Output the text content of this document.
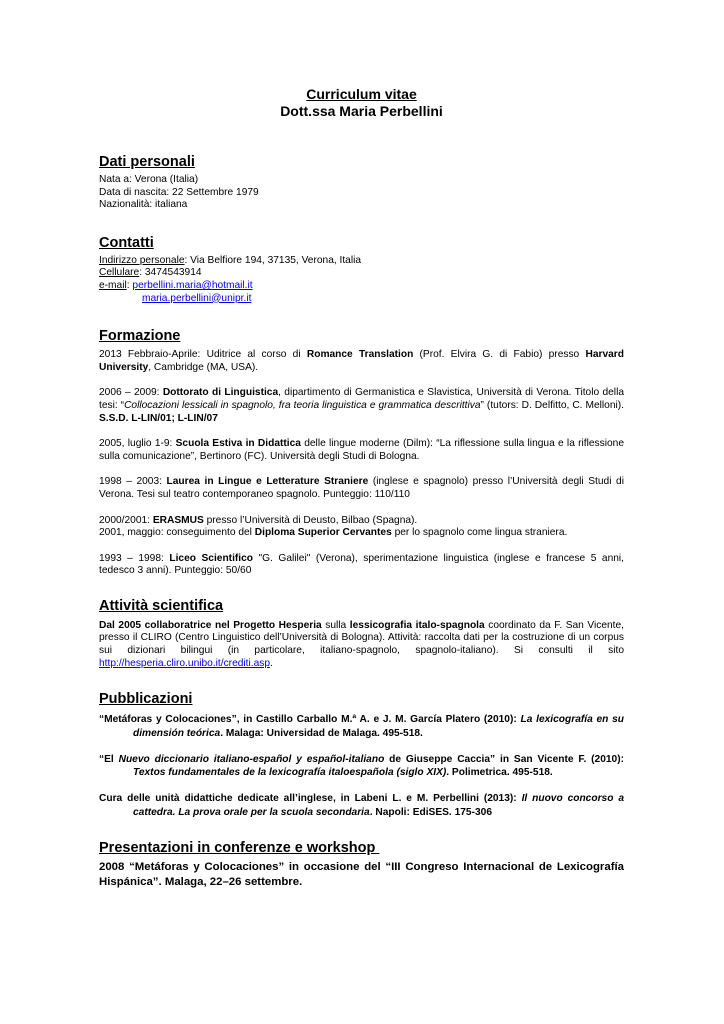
Curriculum vitae
Dott.ssa Maria Perbellini
Dati personali
Nata a: Verona (Italia)
Data di nascita: 22 Settembre 1979
Nazionalità: italiana
Contatti
Indirizzo personale: Via Belfiore 194, 37135, Verona, Italia
Cellulare: 3474543914
e-mail: perbellini.maria@hotmail.it
maria.perbellini@unipr.it
Formazione
2013 Febbraio-Aprile: Uditrice al corso di Romance Translation (Prof. Elvira G. di Fabio) presso Harvard University, Cambridge (MA, USA).
2006 – 2009: Dottorato di Linguistica, dipartimento di Germanistica e Slavistica, Università di Verona. Titolo della tesi: “Collocazioni lessicali in spagnolo, fra teoria linguistica e grammatica descrittiva” (tutors: D. Delfitto, C. Melloni). S.S.D. L-LIN/01; L-LIN/07
2005, luglio 1-9: Scuola Estiva in Didattica delle lingue moderne (Dilm): “La riflessione sulla lingua e la riflessione sulla comunicazione”, Bertinoro (FC). Università degli Studi di Bologna.
1998 – 2003: Laurea in Lingue e Letterature Straniere (inglese e spagnolo) presso l’Università degli Studi di Verona. Tesi sul teatro contemporaneo spagnolo. Punteggio: 110/110
2000/2001: ERASMUS presso l’Università di Deusto, Bilbao (Spagna).
2001, maggio: conseguimento del Diploma Superior Cervantes per lo spagnolo come lingua straniera.
1993 – 1998: Liceo Scientifico "G. Galilei" (Verona), sperimentazione linguistica (inglese e francese 5 anni, tedesco 3 anni). Punteggio: 50/60
Attività scientifica
Dal 2005 collaboratrice nel Progetto Hesperia sulla lessicografia italo-spagnola coordinato da F. San Vicente, presso il CLIRO (Centro Linguistico dell’Università di Bologna). Attività: raccolta dati per la costruzione di un corpus sui dizionari bilingui (in particolare, italiano-spagnolo, spagnolo-italiano). Si consulti il sito http://hesperia.cliro.unibo.it/crediti.asp.
Pubblicazioni
“Metáforas y Colocaciones”, in Castillo Carballo M.ª A. e J. M. García Platero (2010): La lexicografía en su dimensión teórica. Malaga: Universidad de Malaga. 495-518.
“El Nuevo diccionario italiano-español y español-italiano de Giuseppe Caccia” in San Vicente F. (2010): Textos fundamentales de la lexicografía italoespañola (siglo XIX). Polimetrica. 495-518.
Cura delle unità didattiche dedicate all’inglese, in Labeni L. e M. Perbellini (2013): Il nuovo concorso a cattedra. La prova orale per la scuola secondaria. Napoli: EdiSES. 175-306
Presentazioni in conferenze e workshop
2008 “Metáforas y Colocaciones” in occasione del “III Congreso Internacional de Lexicografía Hispánica”. Malaga, 22–26 settembre.
